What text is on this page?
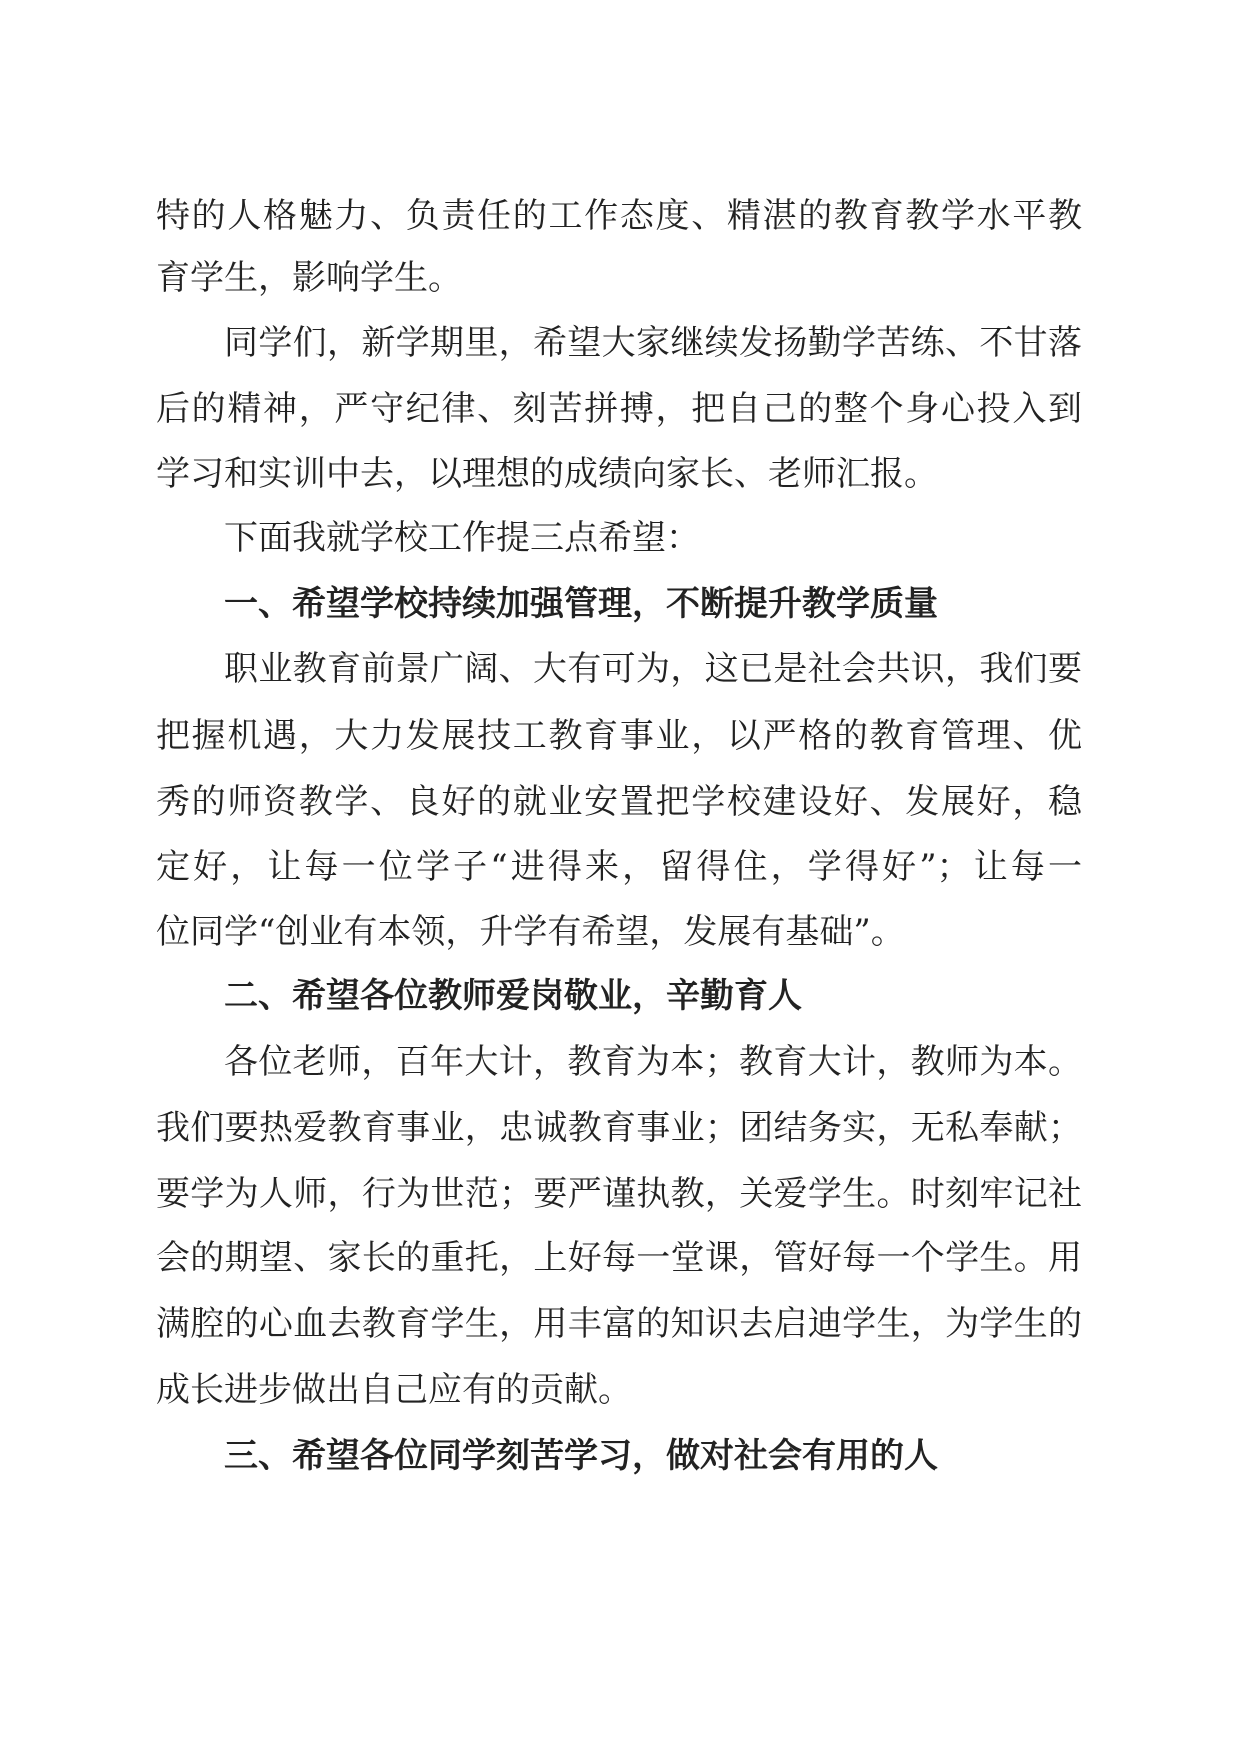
特的人格魅力、负责任的工作态度、精湛的教育教学水平教
育学生，影响学生。
同学们，新学期里，希望大家继续发扬勤学苦练、不甘落
后的精神，严守纪律、刻苦拼搏，把自己的整个身心投入到
学习和实训中去，以理想的成绩向家长、老师汇报。
下面我就学校工作提三点希望：
一、希望学校持续加强管理，不断提升教学质量
职业教育前景广阔、大有可为，这已是社会共识，我们要
把握机遇，大力发展技工教育事业，以严格的教育管理、优
秀的师资教学、良好的就业安置把学校建设好、发展好，稳
定好，让每一位学子“进得来，留得住，学得好”；让每一
位同学“创业有本领，升学有希望，发展有基础”。
二、希望各位教师爱岗敬业，辛勤育人
各位老师，百年大计，教育为本；教育大计，教师为本。
我们要热爱教育事业，忠诚教育事业；团结务实，无私奉献；
要学为人师，行为世范；要严谨执教，关爱学生。时刻牢记社
会的期望、家长的重托，上好每一堂课，管好每一个学生。用
满腔的心血去教育学生，用丰富的知识去启迪学生，为学生的
成长进步做出自己应有的贡献。
三、希望各位同学刻苦学习，做对社会有用的人
